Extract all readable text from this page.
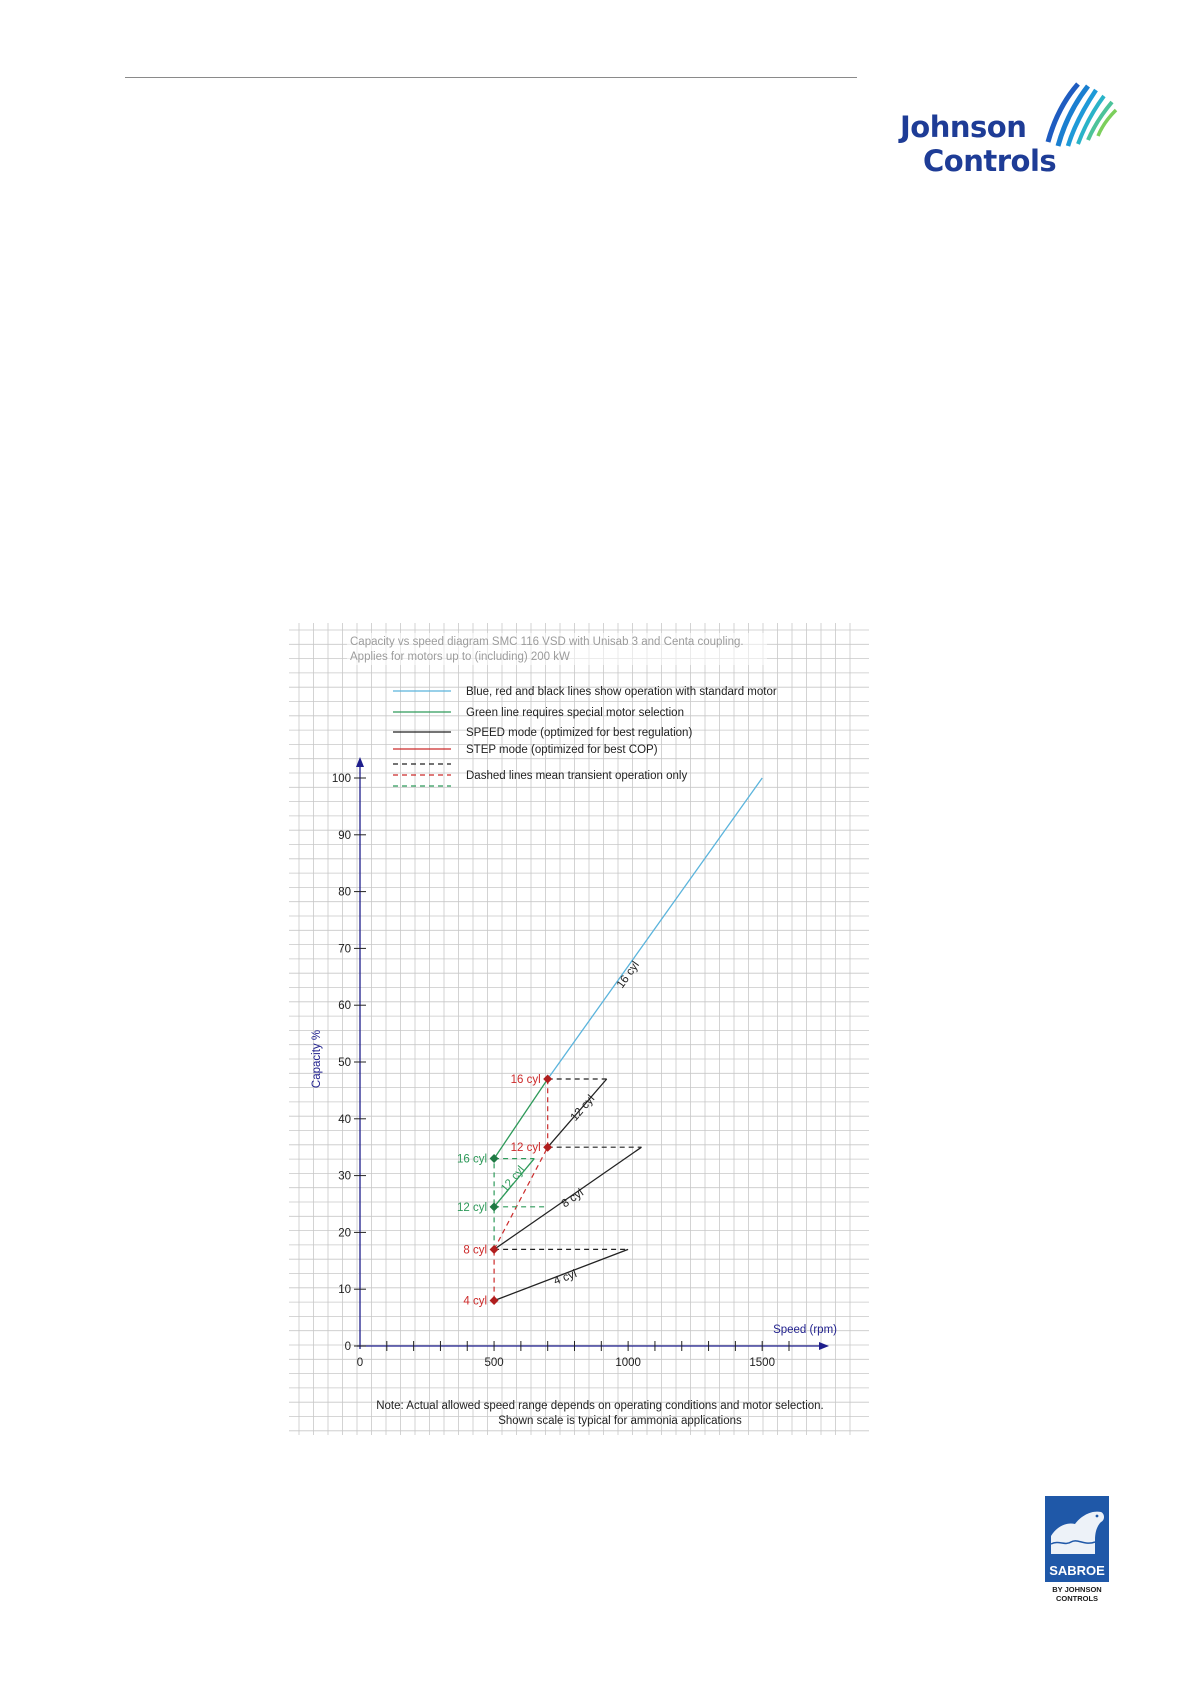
Johnson
Controls
Blue, red and black lines show operation with standard motor
Green line requires special motor selection
SPEED mode (optimized for best regulation)
STEP mode (optimized for best COP)
Dashed lines mean transient operation only
0
10
20
30
40
50
60
70
80
90
100
0	500	1000	1500
Speed (rpm)
Capacity %
4 cyl
8 cyl
12 cyl
16 cyl
12 cyl
16 cyl
16 cyl
12 cyl
8 cyl
4 cyl
12 cyl
Note: Actual allowed speed range depends on operating conditions and motor selection.
Shown scale is typical for ammonia applications
SABROE
BY JOHNSON
CONTROLS
